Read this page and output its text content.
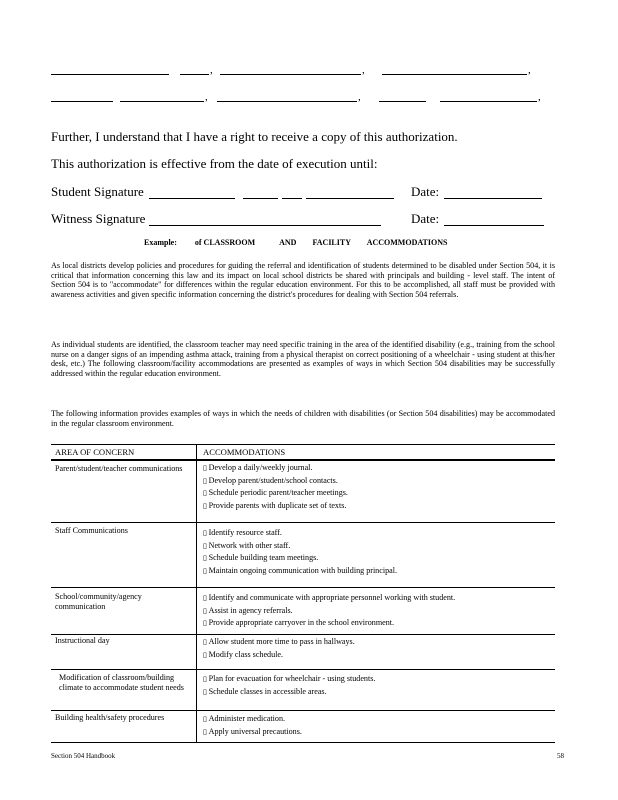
,	,	,
,	,	,
Further, I understand that I have a right to receive a copy of this authorization.
This authorization is effective from the date of execution until:
Student Signature	Date:
Witness Signature	Date:
Example: of CLASSROOM	AND FACILITY ACCOMMODATIONS
As local districts develop policies and procedures for guiding the referral and identification of students determined to be disabled under Section 504, it is critical that information concerning this law and its impact on local school districts be shared with principals and building - level staff. The intent of Section 504 is to "accommodate" for differences within the regular education environment. For this to be accomplished, all staff must be provided with awareness activities and given specific information concerning the district's procedures for dealing with Section 504 referrals.
As individual students are identified, the classroom teacher may need specific training in the area of the identified disability (e.g., training from the school nurse on a danger signs of an impending asthma attack, training from a physical therapist on correct positioning of a wheelchair - using student at this/her desk, etc.) The following classroom/facility accommodations are presented as examples of ways in which Section 504 disabilities may be successfully addressed within the regular education environment.
The following information provides examples of ways in which the needs of children with disabilities (or Section 504 disabilities) may be accommodated in the regular classroom environment.
AREA OF CONCERN	ACCOMMODATIONS
Parent/student/teacher communications	▯ Develop a daily/weekly journal.
▯ Develop parent/student/school contacts.
▯ Schedule periodic parent/teacher meetings.
▯ Provide parents with duplicate set of texts.
Staff Communications	▯ Identify resource staff.
▯ Network with other staff.
▯ Schedule building team meetings.
▯ Maintain ongoing communication with building principal.
School/community/agency communication
▯ Identify and communicate with appropriate personnel working with student.
▯ Assist in agency referrals.
▯ Provide appropriate carryover in the school environment.
Instructional day	▯ Allow student more time to pass in hallways.
▯ Modify class schedule.
Modification of classroom/building climate to accommodate student needs
▯ Plan for evacuation for wheelchair - using students.
▯ Schedule classes in accessible areas.
Building health/safety procedures	▯ Administer medication.
▯ Apply universal precautions.
Section 504 Handbook	58
